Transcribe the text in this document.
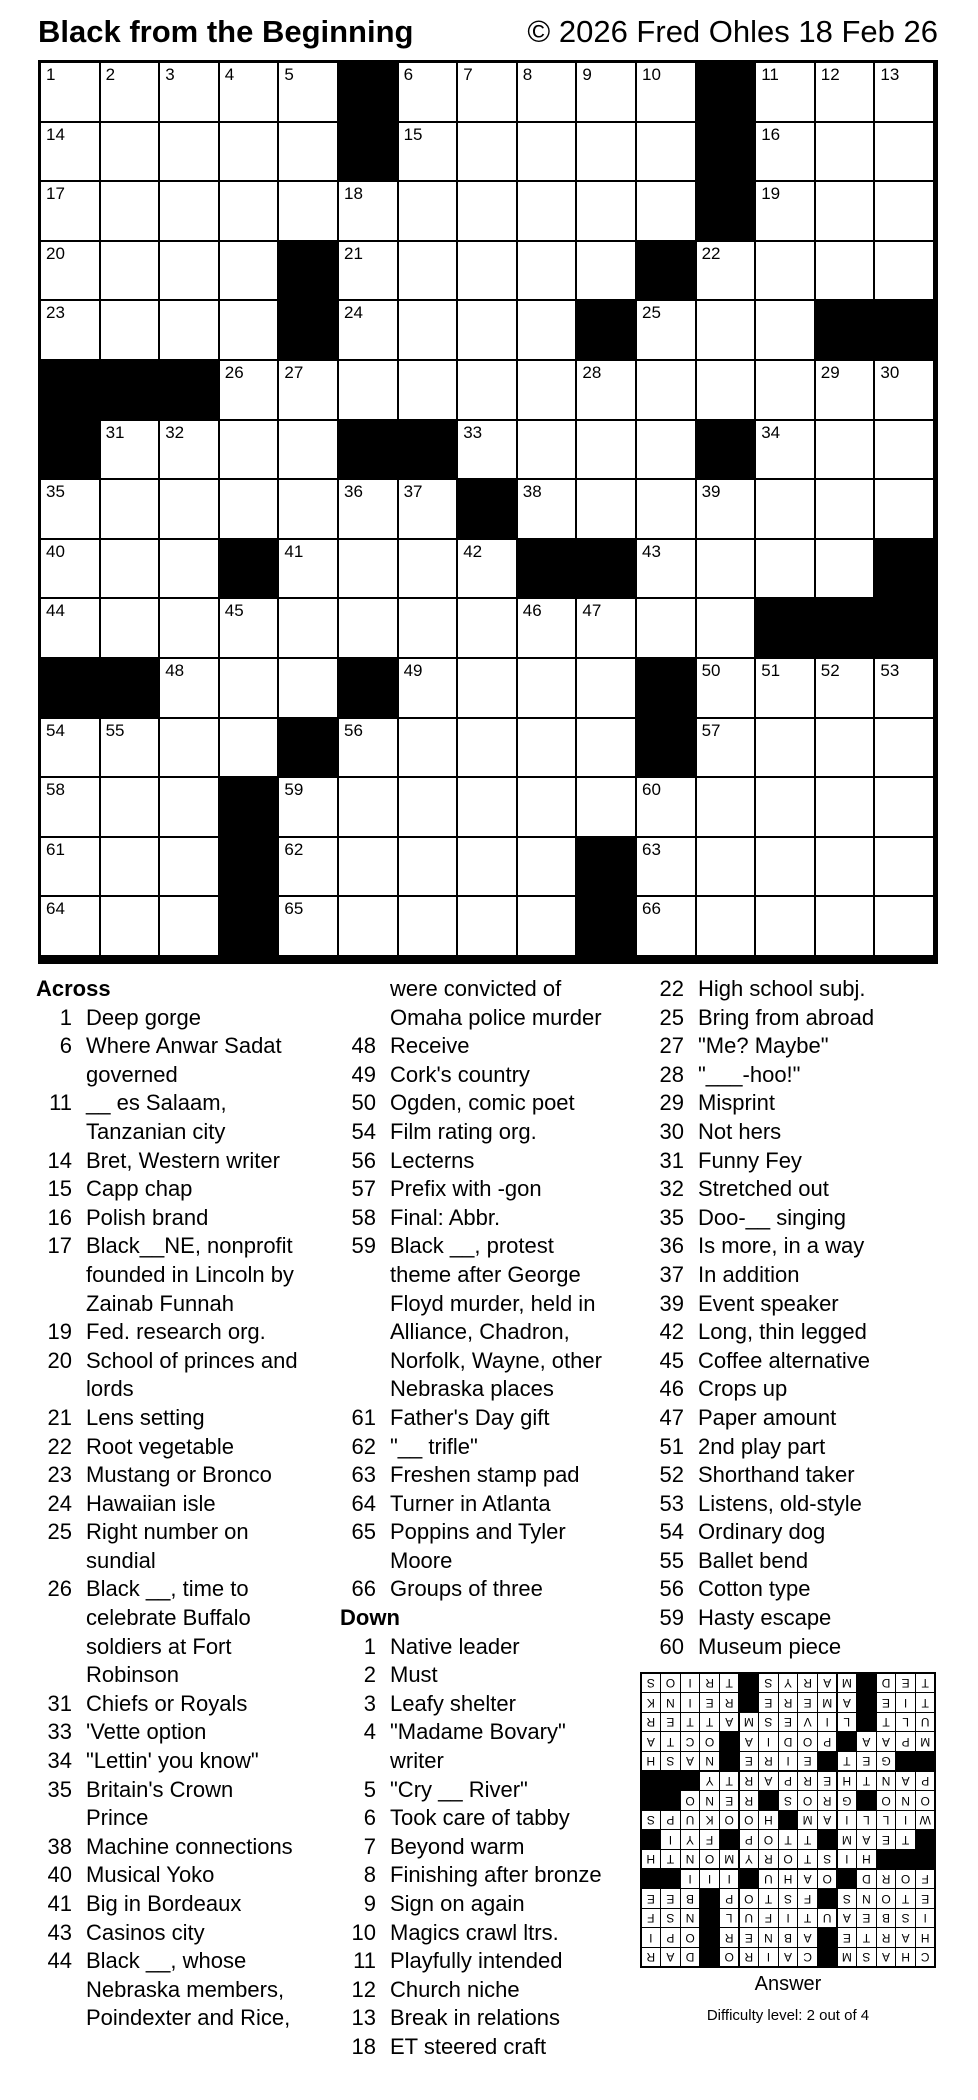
Black from the Beginning	© 2026 Fred Ohles 18 Feb 26
1	2	3	4	5	6	7	8	9	10	11 12 13
14	15	16
17	18	19
20	21	22
23	24	25
26 27	28	29 30
31 32	33	34
35	36 37	38	39
40	41	42	43
44	45	46 47
48	49	50 51 52 53
54 55	56	57
58	59	60
61	62	63
64	65	66
Across
1 Deep gorge
6 Where Anwar Sadat
governed
11 __ es Salaam,
Tanzanian city
14 Bret, Western writer
15 Capp chap
16 Polish brand
17 Black__NE, nonprofit
founded in Lincoln by
Zainab Funnah
19 Fed. research org.
20 School of princes and
lords
21 Lens setting
22 Root vegetable
23 Mustang or Bronco
24 Hawaiian isle
25 Right number on
sundial
26 Black __, time to
celebrate Buffalo
soldiers at Fort
Robinson
31 Chiefs or Royals
33 'Vette option
34 "Lettin' you know"
35 Britain's Crown
Prince
38 Machine connections
40 Musical Yoko
41 Big in Bordeaux
43 Casinos city
44 Black __, whose
Nebraska members,
Poindexter and Rice,
were convicted of
Omaha police murder
48 Receive
49 Cork's country
50 Ogden, comic poet
54 Film rating org.
56 Lecterns
57 Prefix with -gon
58 Final: Abbr.
59 Black __, protest
theme after George
Floyd murder, held in
Alliance, Chadron,
Norfolk, Wayne, other
Nebraska places
61 Father's Day gift
62 "__ trifle"
63 Freshen stamp pad
64 Turner in Atlanta
65 Poppins and Tyler
Moore
66 Groups of three
Down
1 Native leader
2 Must
3 Leafy shelter
4 "Madame Bovary"
writer
5 "Cry __ River"
6 Took care of tabby
7 Beyond warm
8 Finishing after bronze
9 Sign on again
10 Magics crawl ltrs.
11 Playfully intended
12 Church niche
13 Break in relations
18 ET steered craft
22 High school subj.
25 Bring from abroad
27 "Me? Maybe"
28 "___-hoo!"
29 Misprint
30 Not hers
31 Funny Fey
32 Stretched out
35 Doo-__ singing
36 Is more, in a way
37 In addition
39 Event speaker
42 Long, thin legged
45 Coffee alternative
46 Crops up
47 Paper amount
51 2nd play part
52 Shorthand taker
53 Listens, old-style
54 Ordinary dog
55 Ballet bend
56 Cotton type
59 Hasty escape
60 Museum piece
C
H
A
S
M
C
A
I
R
O
D
A
R
H
A
R
T
E
A
B
N
E
R
O
P
I
I
S
B
E
A
U
T
I
F
U
L
N
S
F
E
T
O
N
S
F
S
T
O
P
B
E
E
F
O
R
D
O
A
H
U
I
I
I
H
I
S
T
O
R
Y
M
O
N
T
H
T
E
A
M
T
T
O
P
F
Y
I
W
I
L
L
I
A
M
H
O
O
K
U
P
S
O
N
O
G
R
O
S
R
E
N
O
P
A
N
T
H
E
R
P
A
R
T
Y
G
E
T
E
I
R
E
N
A
S
H
M
P
A
A
P
O
D
I
A
O
C
T
A
U
L
T
L
I
V
E
S
M
A
T
T
E
R
T
I
E
A
M
E
R
E
R
E
I
N
K
T
E
D
M
A
R
Y
S
T
R
I
O
S
Answer
Difficulty level: 2 out of 4
